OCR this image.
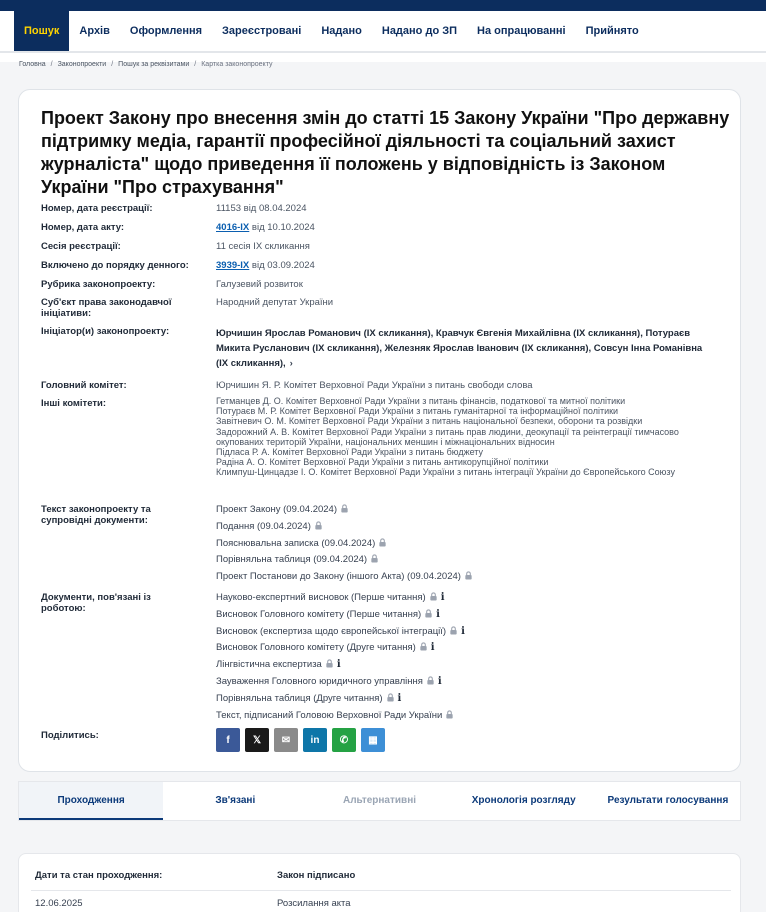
Пошук	Архів	Оформлення	Зареєстровані	Надано	Надано до ЗП	На опрацюванні	Прийнято
Головна / Законопроекти / Пошук за реквізитами / Картка законопроекту
Проект Закону про внесення змін до статті 15 Закону України "Про державну підтримку медіа, гарантії професійної діяльності та соціальний захист журналіста" щодо приведення її положень у відповідність із Законом України "Про страхування"
Номер, дата реєстрації:	11153 від 08.04.2024
Номер, дата акту:	4016-IX від 10.10.2024
Сесія реєстрації:	11 сесія IX скликання
Включено до порядку денного:	3939-IX від 03.09.2024
Рубрика законопроекту:	Галузевий розвиток
Суб'єкт права законодавчої ініціативи:
Народний депутат України
Ініціатор(и) законопроекту:	Юрчишин Ярослав Романович (IX скликання), Кравчук Євгенія Михайлівна (IX скликання), Потураєв Микита Русланович (IX скликання), Железняк Ярослав Іванович (IX скликання), Совсун Інна Романівна (IX скликання), ›
Головний комітет:	Юрчишин Я. Р. Комітет Верховної Ради України з питань свободи слова
Інші комітети:	Гетманцев Д. О. Комітет Верховної Ради України з питань фінансів, податкової та митної політики
Потураєв М. Р. Комітет Верховної Ради України з питань гуманітарної та інформаційної політики
Завітневич О. М. Комітет Верховної Ради України з питань національної безпеки, оборони та розвідки
Задорожний А. В. Комітет Верховної Ради України з питань прав людини, деокупації та реінтеграції тимчасово окупованих територій України, національних меншин і міжнаціональних відносин
Підласа Р. А. Комітет Верховної Ради України з питань бюджету
Радіна А. О. Комітет Верховної Ради України з питань антикорупційної політики
Климпуш-Цинцадзе І. О. Комітет Верховної Ради України з питань інтеграції України до Європейського Союзу
Текст законопроекту та супровідні документи:
Проект Закону (09.04.2024)
Подання (09.04.2024)
Пояснювальна записка (09.04.2024)
Порівняльна таблиця (09.04.2024)
Проект Постанови до Закону (іншого Акта) (09.04.2024)
Документи, пов'язані із роботою:
Науково-експертний висновок (Перше читання) i
Висновок Головного комітету (Перше читання) i
Висновок (експертиза щодо європейської інтеграції) i
Висновок Головного комітету (Друге читання) i
Лінгвістична експертиза i
Зауваження Головного юридичного управління i
Порівняльна таблиця (Друге читання) i
Текст, підписаний Головою Верховної Ради України
Поділитись:	f 𝕏 ✉ in ✆ ▦
Проходження	Зв'язані	Альтернативні	Хронологія розгляду	Результати голосування
Дати та стан проходження:	Закон підписано
12.06.2025	Розсилання акта
